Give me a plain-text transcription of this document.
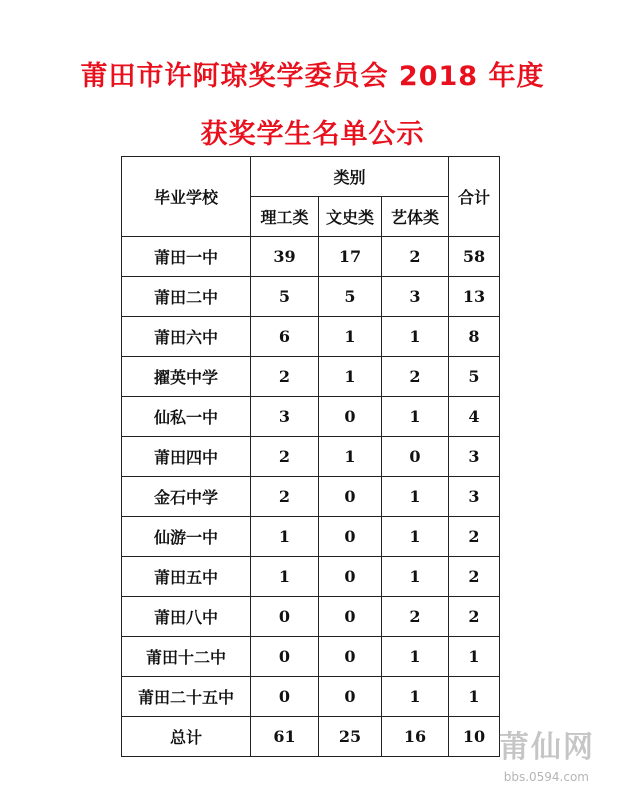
莆田市许阿琼奖学委员会 2018 年度
获奖学生名单公示
毕业学校	类别			合计
	理工类	文史类	艺体类	
莆田一中	39	17	2	58
莆田二中	5	5	3	13
莆田六中	6	1	1	8
擢英中学	2	1	2	5
仙私一中	3	0	1	4
莆田四中	2	1	0	3
金石中学	2	0	1	3
仙游一中	1	0	1	2
莆田五中	1	0	1	2
莆田八中	0	0	2	2
莆田十二中	0	0	1	1
莆田二十五中	0	0	1	1
总计	61	25	16	10 莆仙网
bbs.0594.com
